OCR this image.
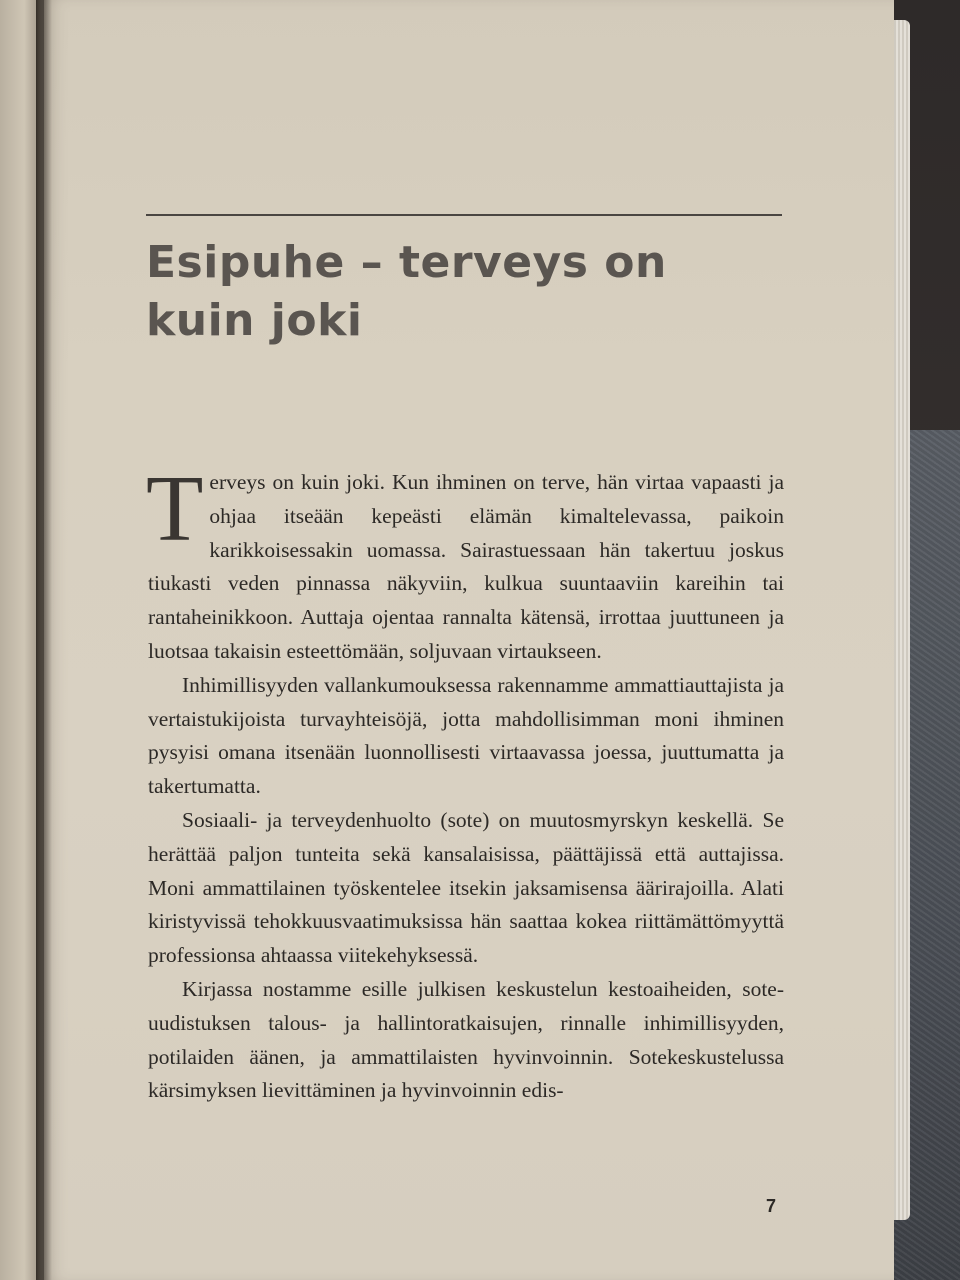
Esipuhe – terveys on kuin joki

Terveys on kuin joki. Kun ihminen on terve, hän virtaa vapaasti ja ohjaa itseään kepeästi elämän kimaltelevassa, paikoin karikkoisessakin uomassa. Sairastuessaan hän takertuu joskus tiukasti veden pinnassa näkyviin, kulkua suuntaaviin kareihin tai rantaheinikkoon. Auttaja ojentaa rannalta kätensä, irrottaa juuttuneen ja luotsaa takaisin esteettömään, soljuvaan virtaukseen.

Inhimillisyyden vallankumouksessa rakennamme ammattiauttajista ja vertaistukijoista turvayhteisöjä, jotta mahdollisimman moni ihminen pysyisi omana itsenään luonnollisesti virtaavassa joessa, juuttumatta ja takertumatta.

Sosiaali- ja terveydenhuolto (sote) on muutosmyrskyn keskellä. Se herättää paljon tunteita sekä kansalaisissa, päättäjissä että auttajissa. Moni ammattilainen työskentelee itsekin jaksamisensa äärirajoilla. Alati kiristyvissä tehokkuusvaatimuksissa hän saattaa kokea riittämättömyyttä professionsa ahtaassa viitekehyksessä.

Kirjassa nostamme esille julkisen keskustelun kestoaiheiden, sote-uudistuksen talous- ja hallintoratkaisujen, rinnalle inhimillisyyden, potilaiden äänen, ja ammattilaisten hyvinvoinnin. Sotekeskustelussa kärsimyksen lievittäminen ja hyvinvoinnin edis-

7
